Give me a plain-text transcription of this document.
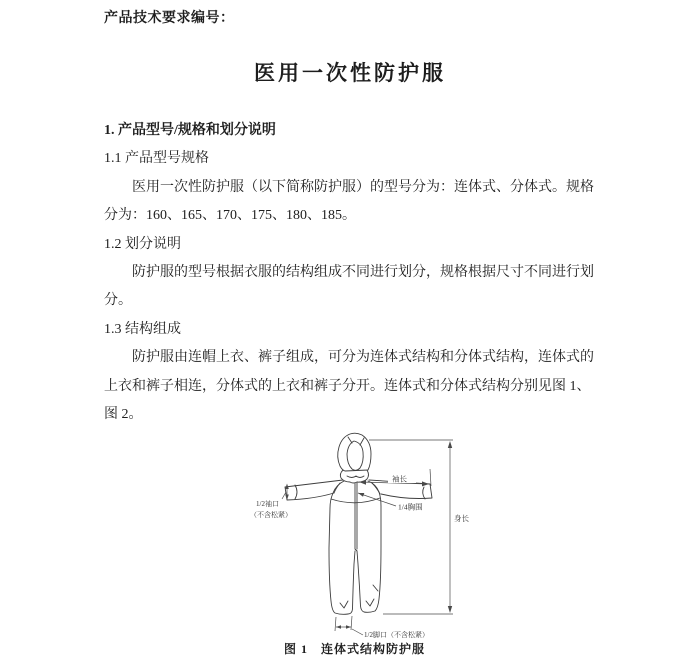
产品技术要求编号：
医用一次性防护服
1. 产品型号/规格和划分说明
1.1 产品型号规格
医用一次性防护服（以下简称防护服）的型号分为：连体式、分体式。规格
分为：160、165、170、175、180、185。
1.2 划分说明
防护服的型号根据衣服的结构组成不同进行划分，规格根据尺寸不同进行划
分。
1.3 结构组成
防护服由连帽上衣、裤子组成，可分为连体式结构和分体式结构，连体式的
上衣和裤子相连，分体式的上衣和裤子分开。连体式和分体式结构分别见图 1、
图 2。
袖长
1/4胸围
身长
1/2袖口
（不含松紧）
1/2脚口（不含松紧）
图 1　连体式结构防护服
